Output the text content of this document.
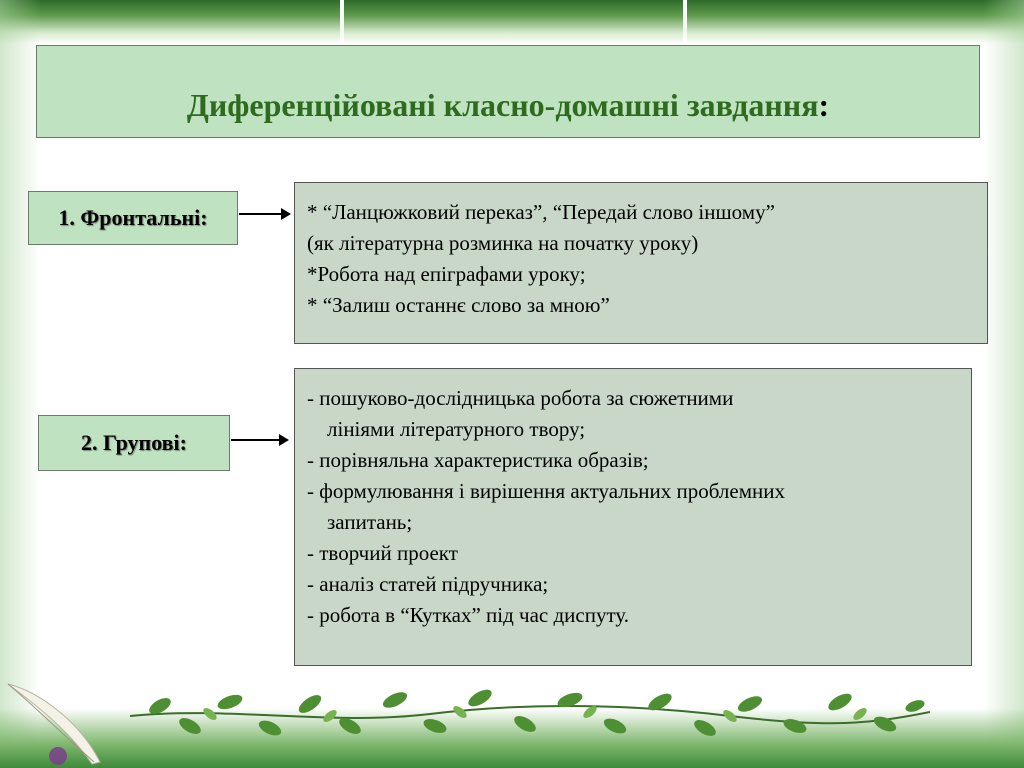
Диференційовані класно-домашні завдання:
1. Фронтальні:	* “Ланцюжковий переказ”, “Передай слово іншому”
(як літературна розминка на початку уроку)
*Робота над епіграфами уроку;
* “Залиш останнє слово за мною”
2. Групові:
- пошуково-дослідницька робота за сюжетними
лініями літературного твору;
- порівняльна характеристика образів;
- формулювання і вирішення актуальних проблемних
запитань;
- творчий проект
- аналіз статей підручника;
- робота в “Кутках” під час диспуту.
